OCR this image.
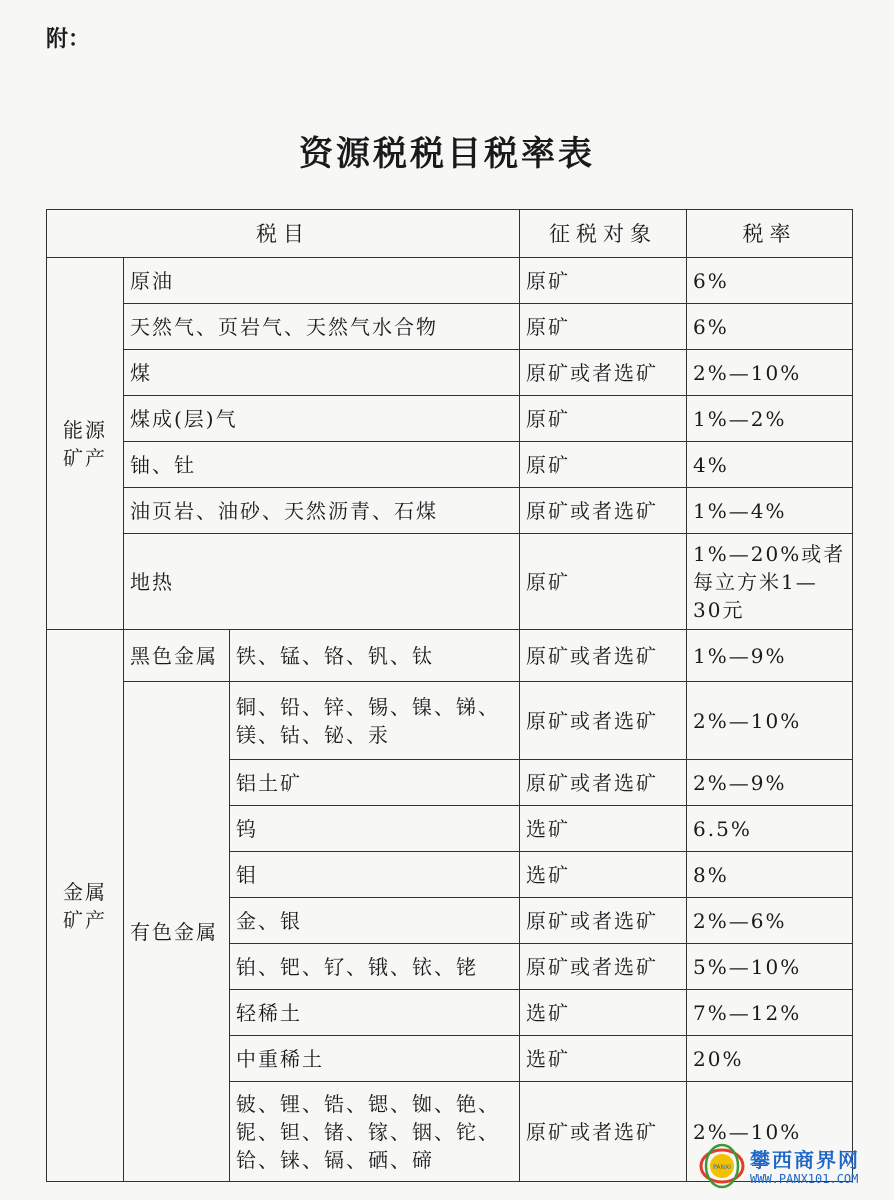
附：
资源税税目税率表
税目			征税对象	税率
能源矿产	原油		原矿	6%
	天然气、页岩气、天然气水合物		原矿	6%
	煤		原矿或者选矿	2%—10%
	煤成(层)气		原矿	1%—2%
	铀、钍		原矿	4%
	油页岩、油砂、天然沥青、石煤		原矿或者选矿	1%—4%
	地热		原矿	1%—20%或者每立方米1—30元
金属矿产	黑色金属	铁、锰、铬、钒、钛	原矿或者选矿	1%—9%
	有色金属	铜、铅、锌、锡、镍、锑、镁、钴、铋、汞	原矿或者选矿	2%—10%
		铝土矿	原矿或者选矿	2%—9%
		钨	选矿	6.5%
		钼	选矿	8%
		金、银	原矿或者选矿	2%—6%
		铂、钯、钌、锇、铱、铑	原矿或者选矿	5%—10%
		轻稀土	选矿	7%—12%
		中重稀土	选矿	20%
		铍、锂、锆、锶、铷、铯、铌、钽、锗、镓、铟、铊、铪、铼、镉、硒、碲	原矿或者选矿	2%—10%
PANXI 攀西商界网
WWW.PANX101.COM
